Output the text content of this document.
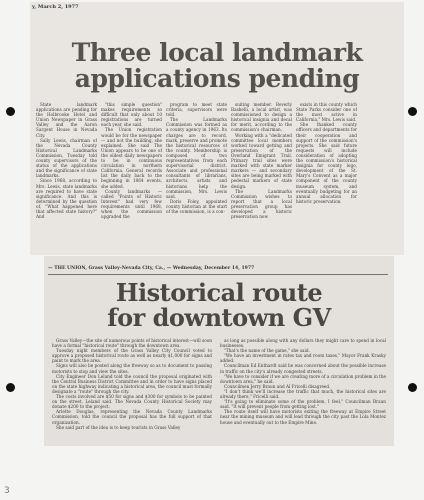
y, March 2, 1977
Three local landmark
applications pending

State landmark applications are pending for the Holbrooke Hotel and Union Newspaper in Grass Valley and the Aaron Sargent House in Nevada City.

Sally Lewis, chairman of the Nevada County Historical Landmarks Commission, Tuesday told county supervisors of the status of the applications and the significance of state landmarks.

Since 1968, according to Mrs. Lewis, state landmarks are required to have state significance. And this is determined by the question of, "What happened here that affected state history?" And

"this simple question" makes requirements so difficult that only about 10 registrations are turned each year, she said.

The Union registration would be for the newspaper — and not the building, she explained. She said The Union appears to be one of the oldest daily newspapers to be in continuous circulation in northern California. General records list the daily back to the beginning in 1864 events, she added.

County landmarks — called "Points of Historic Interest" had very few requirements until 1968, when the commission upgraded the

program to meet state criteria, supervisors were told.

The Landmarks Commission was formed as a county agency in 1963. Its charges are to record, mark, preserve and promote the historical resources of the county. Membership is composed of two representatives from each supervisorial district. Associate and professional consultants of librarians, architects, artists and historians help the commission, Mrs. Lewis said.

Doris Foley, appointed county historian at the start of the commission, is a con-

suiting member. Beverly Bashelli, a local artist, was commissioned to design a historical insignia and decal for merit, according to the commission's chairman.

Working with a "dedicated committee local members worked toward getting and preservation of the Overland Emigrant Trail. Primary trail sites were marked with state marker markers — and secondary sites are being marked with pedestal markers of state design.

The Landmarks Commission wishes to report that a local preservation group has developed a historic preservation now

exists in this county which State Parks consider one of the most active in California," Mrs. Lewis said.

She thanked county officers and departments for their cooperation and support of the commission's projects. She said future requests will include consideration of adopting the commission's historical insignia for county logo, development of the St. Mary's Convent as a major component of the county museum system, and eventually budgeting for an annual allocation for historic preservation.

— THE UNION, Grass Valley-Nevada City, Ca., — Wednesday, December 14, 1977
Historical route
for downtown GV

Grass Valley—the site of numerous points of historical interest—will soon have a formal "historical route" through the downtown area.

Tuesday night members of the Grass Valley City Council voted to approve a proposed historical route as well as nearly $1,000 for signs and paint to mark the area.

Signs will also be posted along the freeway so as to document to passing motorists to stop and view the sites.

City Engineer Don Leland told the council the proposal originated with the Central Business District Committee and in order to have signs placed on the state highway indicating a historical area, the council must formally designate a "route" through the city.

The costs involved are $50 for signs and $300 for symbols to be painted on the street, Leland said. The Nevada County Historical Society may donate $200 to the project.

Arlette Douglas, representing the Nevada County Landmarks Commission, told the council the proposal has the full support of that organization.

She said part of the idea is to keep tourists in Grass Valley

as long as possible along with any dollars they might care to spend in local businesses.

"That's the name of the game," she said.

"We have an investment in rates tax and room taxes," Mayor Frank Krasky added.

Councilman Ed Enthardt said he was concerned about the possible increase in traffic on the city's already congested streets.

"We have to consider if we are creating more of a circulation problem in the downtown area," he said.

Councilmen Jerry Braun and Al Fricelli disagreed.

"I don't think we'll increase the traffic that much, the historical sites are already there," Fricelli said.

"It's going to eliminate some of the problem, I feel," Councilman Braun said. "It will prevent people from getting lost."

The route itself will have motorists exiting the freeway at Empire Street near the mining museum and will lead through the city past the Lola Montez house and eventually out to the Empire Mine.

3
